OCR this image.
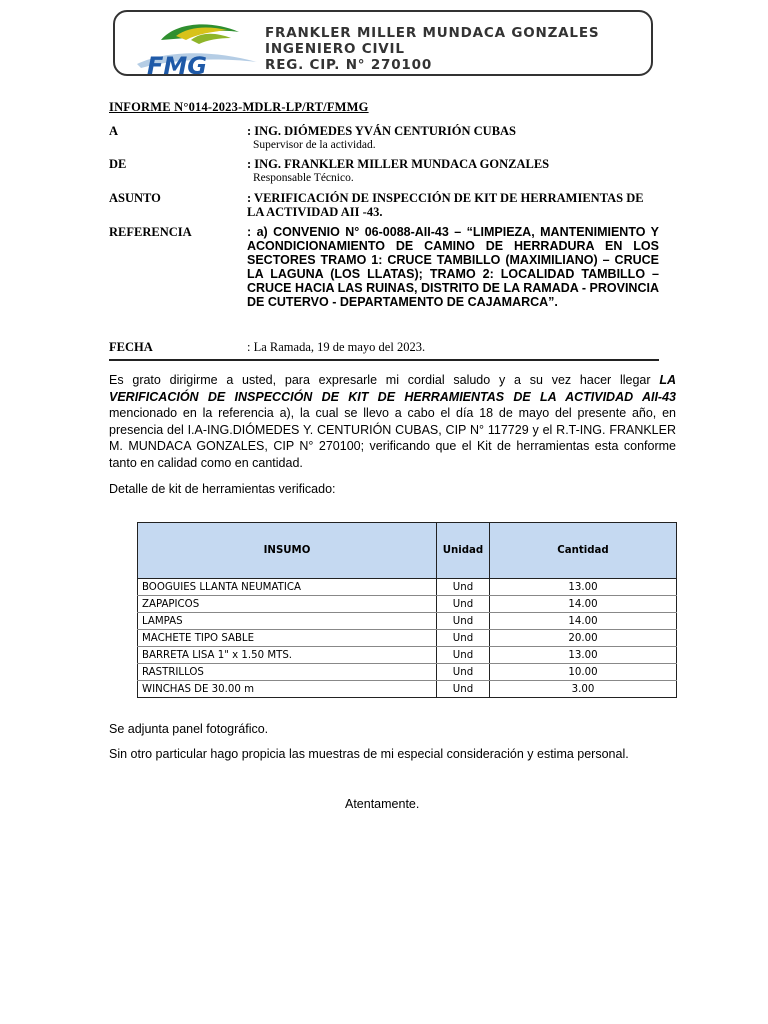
FMG
FRANKLER MILLER MUNDACA GONZALES
INGENIERO CIVIL
REG. CIP. N° 270100
INFORME N°014-2023-MDLR-LP/RT/FMMG
A	: ING. DIÓMEDES YVÁN CENTURIÓN CUBAS
Supervisor de la actividad.
DE	: ING. FRANKLER MILLER MUNDACA GONZALES
Responsable Técnico.
ASUNTO	: VERIFICACIÓN DE INSPECCIÓN DE KIT DE HERRAMIENTAS DE LA ACTIVIDAD AII -43.
REFERENCIA	: a) CONVENIO N° 06-0088-AII-43 – “LIMPIEZA, MANTENIMIENTO Y ACONDICIONAMIENTO DE CAMINO DE HERRADURA EN LOS SECTORES TRAMO 1: CRUCE TAMBILLO (MAXIMILIANO) – CRUCE LA LAGUNA (LOS LLATAS); TRAMO 2: LOCALIDAD TAMBILLO – CRUCE HACIA LAS RUINAS, DISTRITO DE LA RAMADA - PROVINCIA DE CUTERVO - DEPARTAMENTO DE CAJAMARCA”.
FECHA	: La Ramada, 19 de mayo del 2023.

Es grato dirigirme a usted, para expresarle mi cordial saludo y a su vez hacer llegar LA VERIFICACIÓN DE INSPECCIÓN DE KIT DE HERRAMIENTAS DE LA ACTIVIDAD AII-43 mencionado en la referencia a), la cual se llevo a cabo el día 18 de mayo del presente año, en presencia del I.A-ING.DIÓMEDES Y. CENTURIÓN CUBAS, CIP N° 117729 y el R.T-ING. FRANKLER M. MUNDACA GONZALES, CIP N° 270100; verificando que el Kit de herramientas esta conforme tanto en calidad como en cantidad.

Detalle de kit de herramientas verificado:

INSUMO	Unidad	Cantidad
BOOGUIES LLANTA NEUMATICA	Und	13.00
ZAPAPICOS	Und	14.00
LAMPAS	Und	14.00
MACHETE TIPO SABLE	Und	20.00
BARRETA LISA 1" x 1.50 MTS.	Und	13.00
RASTRILLOS	Und	10.00
WINCHAS DE 30.00 m	Und	3.00
Se adjunta panel fotográfico.
Sin otro particular hago propicia las muestras de mi especial consideración y estima personal.
Atentamente.
